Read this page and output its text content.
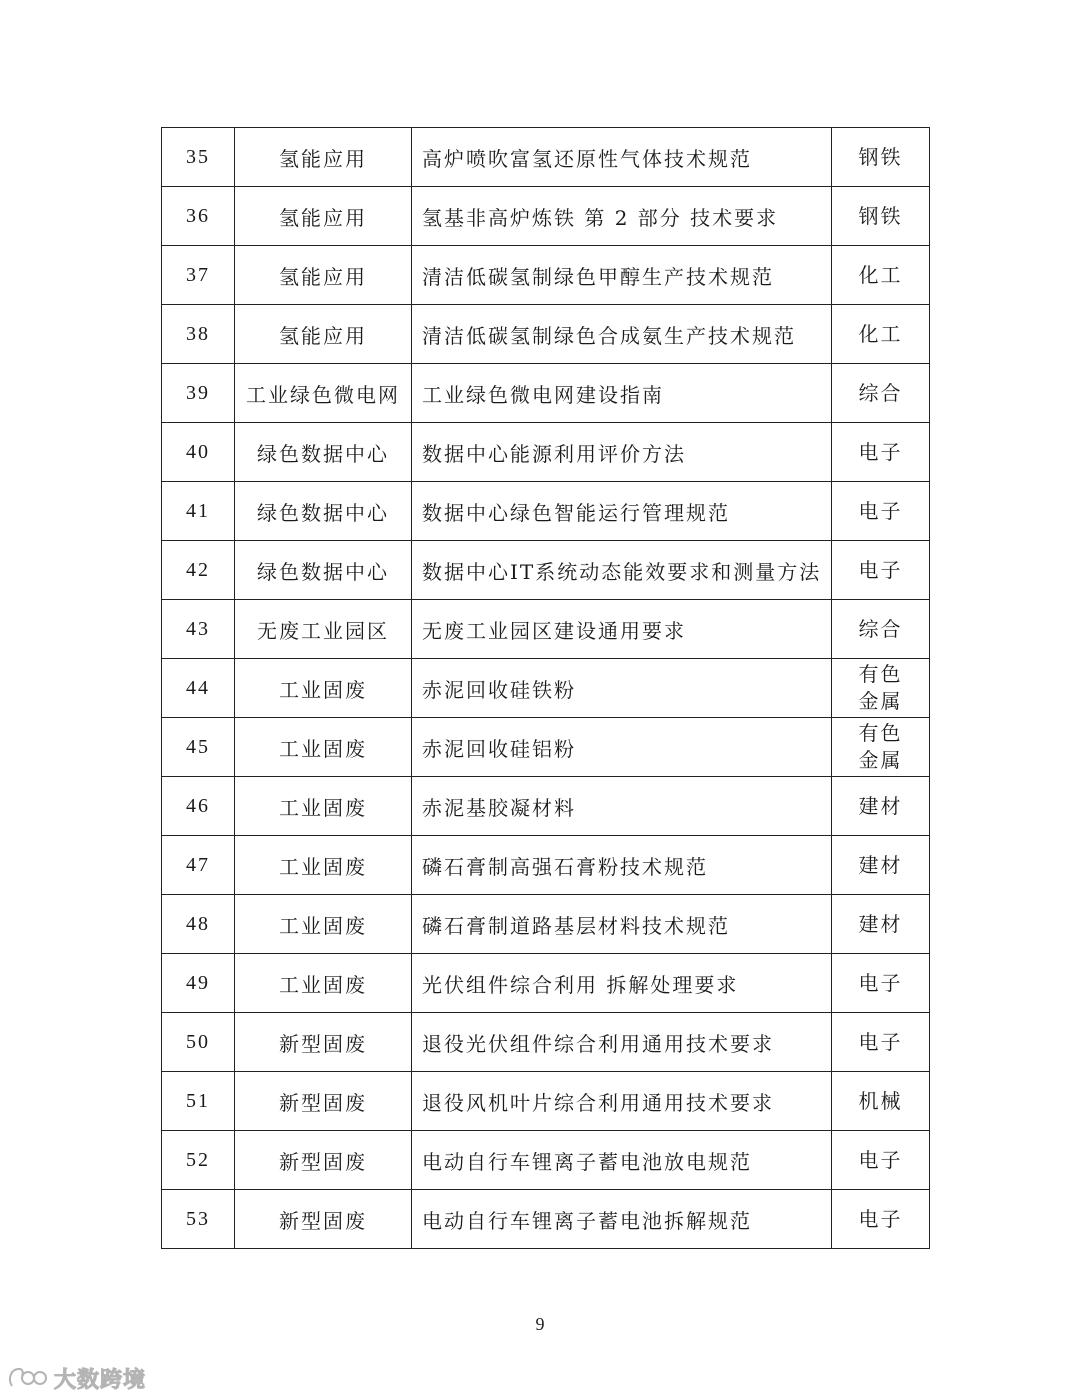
35	氢能应用	高炉喷吹富氢还原性气体技术规范	钢铁

36	氢能应用	氢基非高炉炼铁 第 2 部分 技术要求	钢铁

37	氢能应用	清洁低碳氢制绿色甲醇生产技术规范	化工

38	氢能应用	清洁低碳氢制绿色合成氨生产技术规范	化工

39	工业绿色微电网	工业绿色微电网建设指南	综合

40	绿色数据中心	数据中心能源利用评价方法	电子

41	绿色数据中心	数据中心绿色智能运行管理规范	电子

42	绿色数据中心	数据中心IT系统动态能效要求和测量方法	电子

43	无废工业园区	无废工业园区建设通用要求	综合

44	工业固废	赤泥回收硅铁粉	有色
金属

45	工业固废	赤泥回收硅铝粉	有色
金属

46	工业固废	赤泥基胶凝材料	建材

47	工业固废	磷石膏制高强石膏粉技术规范	建材

48	工业固废	磷石膏制道路基层材料技术规范	建材

49	工业固废	光伏组件综合利用 拆解处理要求	电子

50	新型固废	退役光伏组件综合利用通用技术要求	电子

51	新型固废	退役风机叶片综合利用通用技术要求	机械

52	新型固废	电动自行车锂离子蓄电池放电规范	电子

53	新型固废	电动自行车锂离子蓄电池拆解规范	电子
9
大数跨境
